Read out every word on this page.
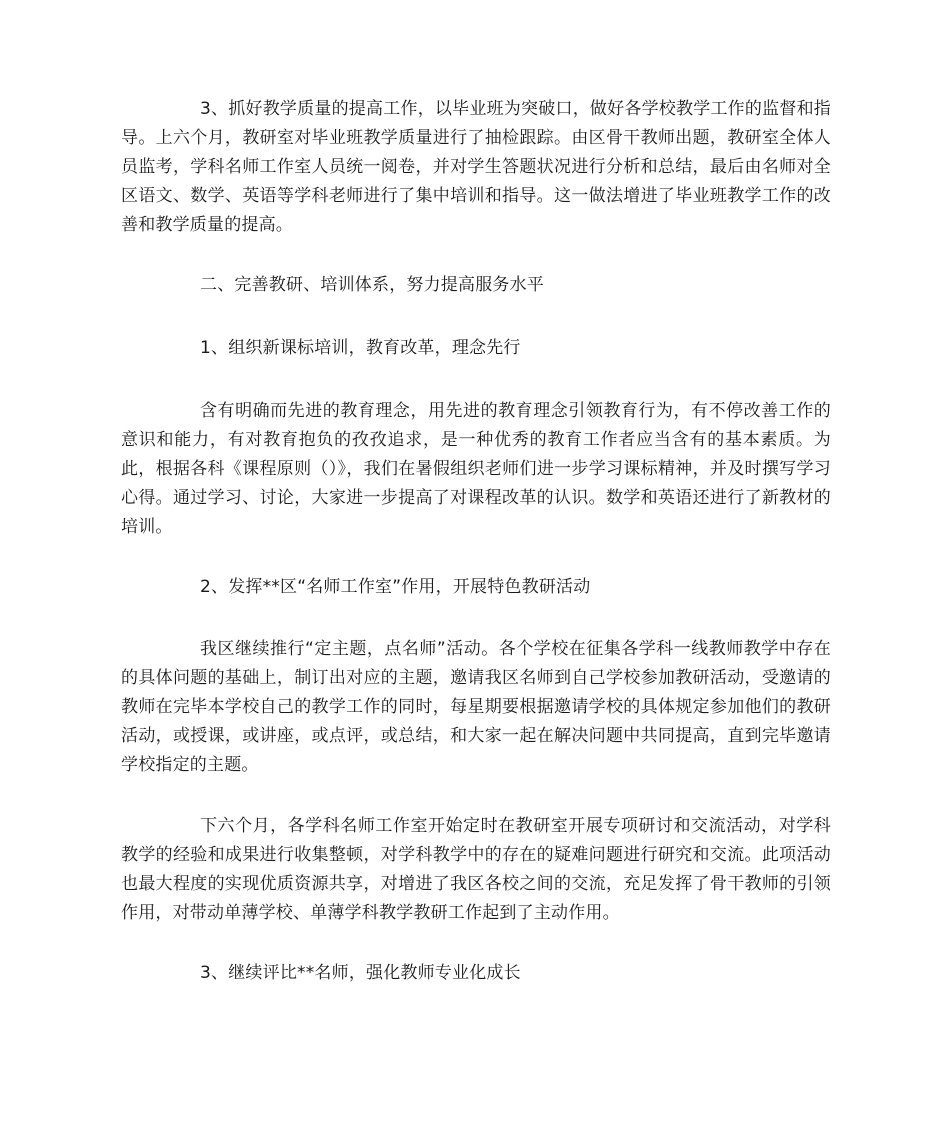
3、抓好教学质量的提高工作，以毕业班为突破口，做好各学校教学工作的监督和指导。上六个月，教研室对毕业班教学质量进行了抽检跟踪。由区骨干教师出题，教研室全体人员监考，学科名师工作室人员统一阅卷，并对学生答题状况进行分析和总结，最后由名师对全区语文、数学、英语等学科老师进行了集中培训和指导。这一做法增进了毕业班教学工作的改善和教学质量的提高。

二、完善教研、培训体系，努力提高服务水平

1、组织新课标培训，教育改革，理念先行

含有明确而先进的教育理念，用先进的教育理念引领教育行为，有不停改善工作的意识和能力，有对教育抱负的孜孜追求，是一种优秀的教育工作者应当含有的基本素质。为此，根据各科《课程原则（）》，我们在暑假组织老师们进一步学习课标精神，并及时撰写学习心得。通过学习、讨论，大家进一步提高了对课程改革的认识。数学和英语还进行了新教材的培训。

2、发挥**区“名师工作室”作用，开展特色教研活动

我区继续推行“定主题，点名师”活动。各个学校在征集各学科一线教师教学中存在的具体问题的基础上，制订出对应的主题，邀请我区名师到自己学校参加教研活动，受邀请的教师在完毕本学校自己的教学工作的同时，每星期要根据邀请学校的具体规定参加他们的教研活动，或授课，或讲座，或点评，或总结，和大家一起在解决问题中共同提高，直到完毕邀请学校指定的主题。

下六个月，各学科名师工作室开始定时在教研室开展专项研讨和交流活动，对学科教学的经验和成果进行收集整顿，对学科教学中的存在的疑难问题进行研究和交流。此项活动也最大程度的实现优质资源共享，对增进了我区各校之间的交流，充足发挥了骨干教师的引领作用，对带动单薄学校、单薄学科教学教研工作起到了主动作用。

3、继续评比**名师，强化教师专业化成长
